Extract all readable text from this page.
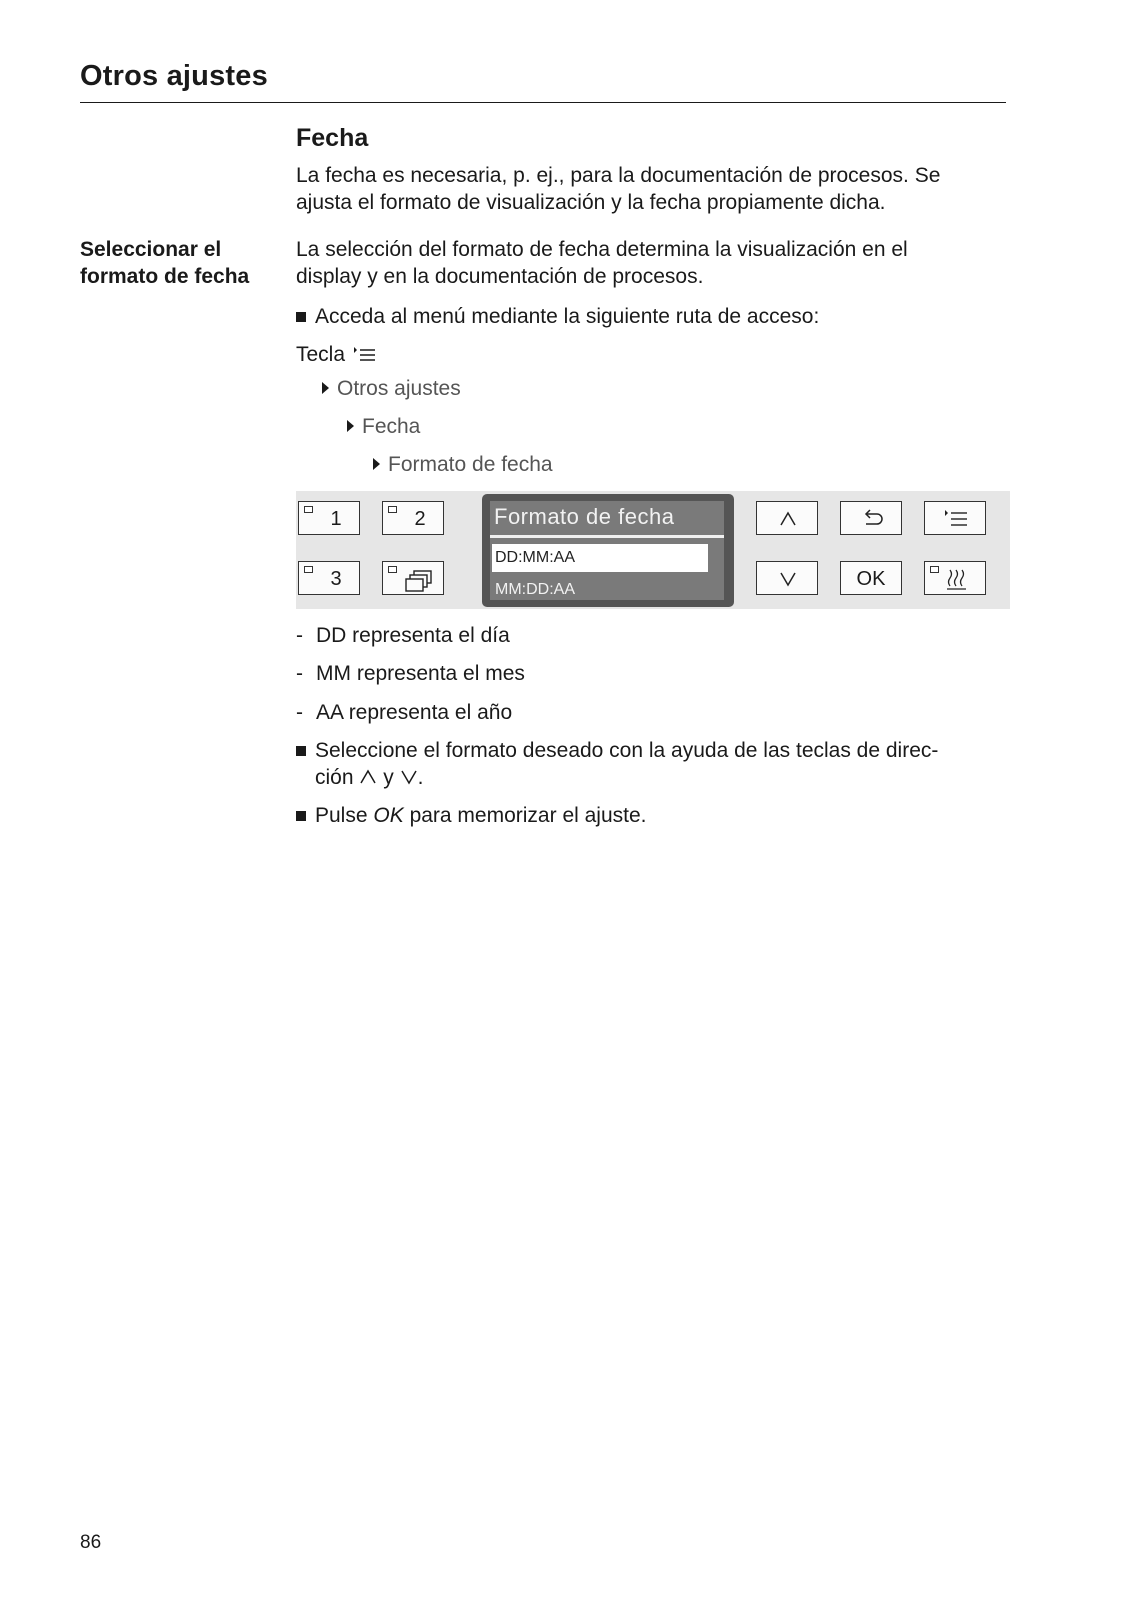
Otros ajustes
Fecha
La fecha es necesaria, p. ej., para la documentación de procesos. Se
ajusta el formato de visualización y la fecha propiamente dicha.
Seleccionar el
formato de fecha
La selección del formato de fecha determina la visualización en el
display y en la documentación de procesos.
Acceda al menú mediante la siguiente ruta de acceso:
Tecla
Otros ajustes
Fecha
Formato de fecha
1	2
3
Formato de fecha
DD:MM:AA
MM:DD:AA	OK
- DD representa el día
- MM representa el mes
- AA representa el año
Seleccione el formato deseado con la ayuda de las teclas de direc-
ción y .
Pulse OK para memorizar el ajuste.
86
